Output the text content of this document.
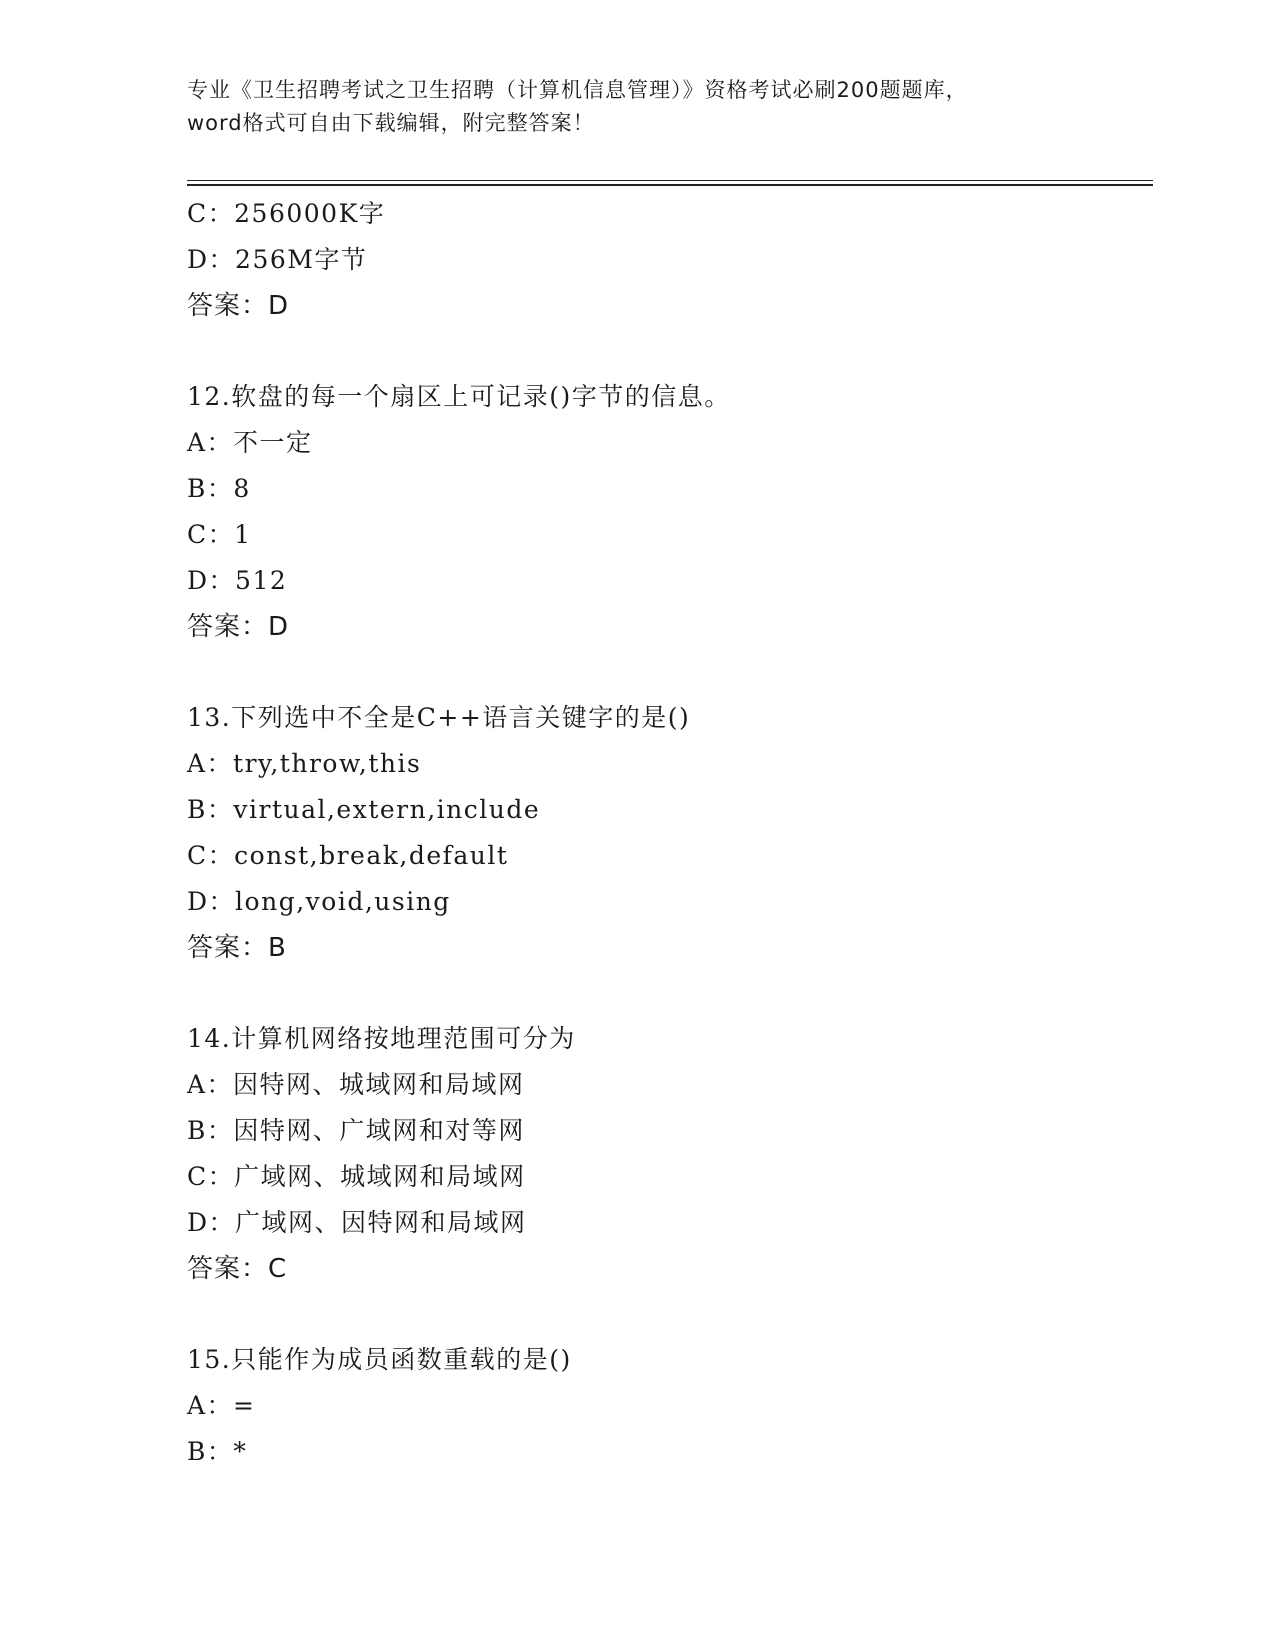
专业《卫生招聘考试之卫生招聘（计算机信息管理）》资格考试必刷200题题库，
word格式可自由下载编辑，附完整答案！
C：256000K字
D：256M字节
答案：D
12.软盘的每一个扇区上可记录()字节的信息。
A：不一定
B：8
C：1
D：512
答案：D
13.下列选中不全是C++语言关键字的是()
A：try,throw,this
B：virtual,extern,include
C：const,break,default
D：long,void,using
答案：B
14.计算机网络按地理范围可分为
A：因特网、城域网和局域网
B：因特网、广域网和对等网
C：广域网、城域网和局域网
D：广域网、因特网和局域网
答案：C
15.只能作为成员函数重载的是()
A：=
B：*
